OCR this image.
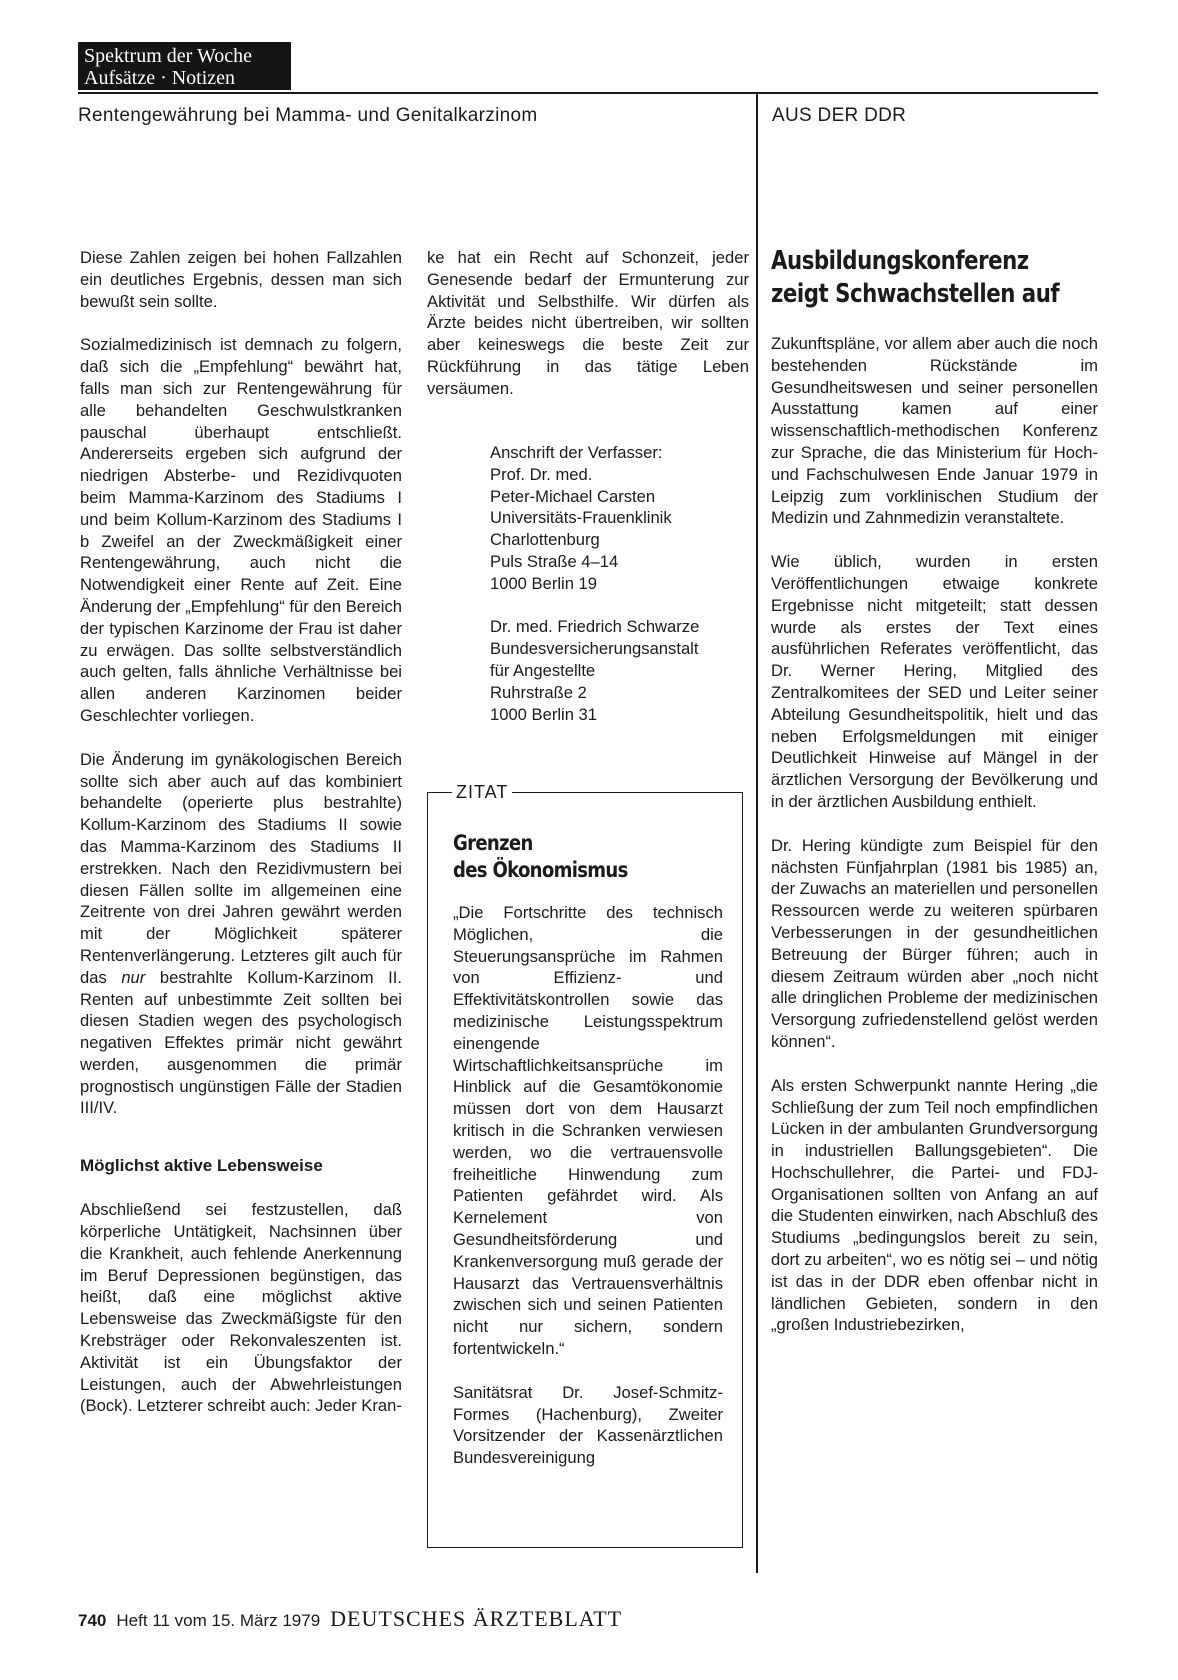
Spektrum der Woche
Aufsätze · Notizen
Rentengewährung bei Mamma- und Genitalkarzinom	AUS DER DDR

Diese Zahlen zeigen bei hohen Fallzahlen ein deutliches Ergebnis, dessen man sich bewußt sein sollte.

Sozialmedizinisch ist demnach zu folgern, daß sich die „Empfehlung“ bewährt hat, falls man sich zur Rentengewährung für alle behandelten Geschwulstkranken pauschal überhaupt entschließt. Andererseits ergeben sich aufgrund der niedrigen Absterbe- und Rezidivquoten beim Mamma-Karzinom des Stadiums I und beim Kollum-Karzinom des Stadiums I b Zweifel an der Zweckmäßigkeit einer Rentengewährung, auch nicht die Notwendigkeit einer Rente auf Zeit. Eine Änderung der „Empfehlung“ für den Bereich der typischen Karzinome der Frau ist daher zu erwägen. Das sollte selbstverständlich auch gelten, falls ähnliche Verhältnisse bei allen anderen Karzinomen beider Geschlechter vorliegen.

Die Änderung im gynäkologischen Bereich sollte sich aber auch auf das kombiniert behandelte (operierte plus bestrahlte) Kollum-Karzinom des Stadiums II sowie das Mamma-Karzinom des Stadiums II erstrekken. Nach den Rezidivmustern bei diesen Fällen sollte im allgemeinen eine Zeitrente von drei Jahren gewährt werden mit der Möglichkeit späterer Rentenverlängerung. Letzteres gilt auch für das nur bestrahlte Kollum-Karzinom II. Renten auf unbestimmte Zeit sollten bei diesen Stadien wegen des psychologisch negativen Effektes primär nicht gewährt werden, ausgenommen die primär prognostisch ungünstigen Fälle der Stadien III/IV.

Möglichst aktive Lebensweise

Abschließend sei festzustellen, daß körperliche Untätigkeit, Nachsinnen über die Krankheit, auch fehlende Anerkennung im Beruf Depressionen begünstigen, das heißt, daß eine möglichst aktive Lebensweise das Zweckmäßigste für den Krebsträger oder Rekonvaleszenten ist. Aktivität ist ein Übungsfaktor der Leistungen, auch der Abwehrleistungen (Bock). Letzterer schreibt auch: Jeder Kran-

ke hat ein Recht auf Schonzeit, jeder Genesende bedarf der Ermunterung zur Aktivität und Selbsthilfe. Wir dürfen als Ärzte beides nicht übertreiben, wir sollten aber keineswegs die beste Zeit zur Rückführung in das tätige Leben versäumen.

Anschrift der Verfasser:
Prof. Dr. med.
Peter-Michael Carsten
Universitäts-Frauenklinik
Charlottenburg
Puls Straße 4–14
1000 Berlin 19
Dr. med. Friedrich Schwarze
Bundesversicherungsanstalt
für Angestellte
Ruhrstraße 2
1000 Berlin 31
ZITAT
Grenzen
des Ökonomismus

„Die Fortschritte des technisch Möglichen, die Steuerungsansprüche im Rahmen von Effizienz- und Effektivitätskontrollen sowie das medizinische Leistungsspektrum einengende Wirtschaftlichkeitsansprüche im Hinblick auf die Gesamtökonomie müssen dort von dem Hausarzt kritisch in die Schranken verwiesen werden, wo die vertrauensvolle freiheitliche Hinwendung zum Patienten gefährdet wird. Als Kernelement von Gesundheitsförderung und Krankenversorgung muß gerade der Hausarzt das Vertrauensverhältnis zwischen sich und seinen Patienten nicht nur sichern, sondern fortentwickeln.“

Sanitätsrat Dr. Josef-Schmitz-Formes (Hachenburg), Zweiter Vorsitzender der Kassenärztlichen Bundesvereinigung

Ausbildungskonferenz
zeigt Schwachstellen auf

Zukunftspläne, vor allem aber auch die noch bestehenden Rückstände im Gesundheitswesen und seiner personellen Ausstattung kamen auf einer wissenschaftlich-methodischen Konferenz zur Sprache, die das Ministerium für Hoch- und Fachschulwesen Ende Januar 1979 in Leipzig zum vorklinischen Studium der Medizin und Zahnmedizin veranstaltete.

Wie üblich, wurden in ersten Veröffentlichungen etwaige konkrete Ergebnisse nicht mitgeteilt; statt dessen wurde als erstes der Text eines ausführlichen Referates veröffentlicht, das Dr. Werner Hering, Mitglied des Zentralkomitees der SED und Leiter seiner Abteilung Gesundheitspolitik, hielt und das neben Erfolgsmeldungen mit einiger Deutlichkeit Hinweise auf Mängel in der ärztlichen Versorgung der Bevölkerung und in der ärztlichen Ausbildung enthielt.

Dr. Hering kündigte zum Beispiel für den nächsten Fünfjahrplan (1981 bis 1985) an, der Zuwachs an materiellen und personellen Ressourcen werde zu weiteren spürbaren Verbesserungen in der gesundheitlichen Betreuung der Bürger führen; auch in diesem Zeitraum würden aber „noch nicht alle dringlichen Probleme der medizinischen Versorgung zufriedenstellend gelöst werden können“.

Als ersten Schwerpunkt nannte Hering „die Schließung der zum Teil noch empfindlichen Lücken in der ambulanten Grundversorgung in industriellen Ballungsgebieten“. Die Hochschullehrer, die Partei- und FDJ-Organisationen sollten von Anfang an auf die Studenten einwirken, nach Abschluß des Studiums „bedingungslos bereit zu sein, dort zu arbeiten“, wo es nötig sei – und nötig ist das in der DDR eben offenbar nicht in ländlichen Gebieten, sondern in den „großen Industriebezirken,

740 Heft 11 vom 15. März 1979 DEUTSCHES ÄRZTEBLATT
